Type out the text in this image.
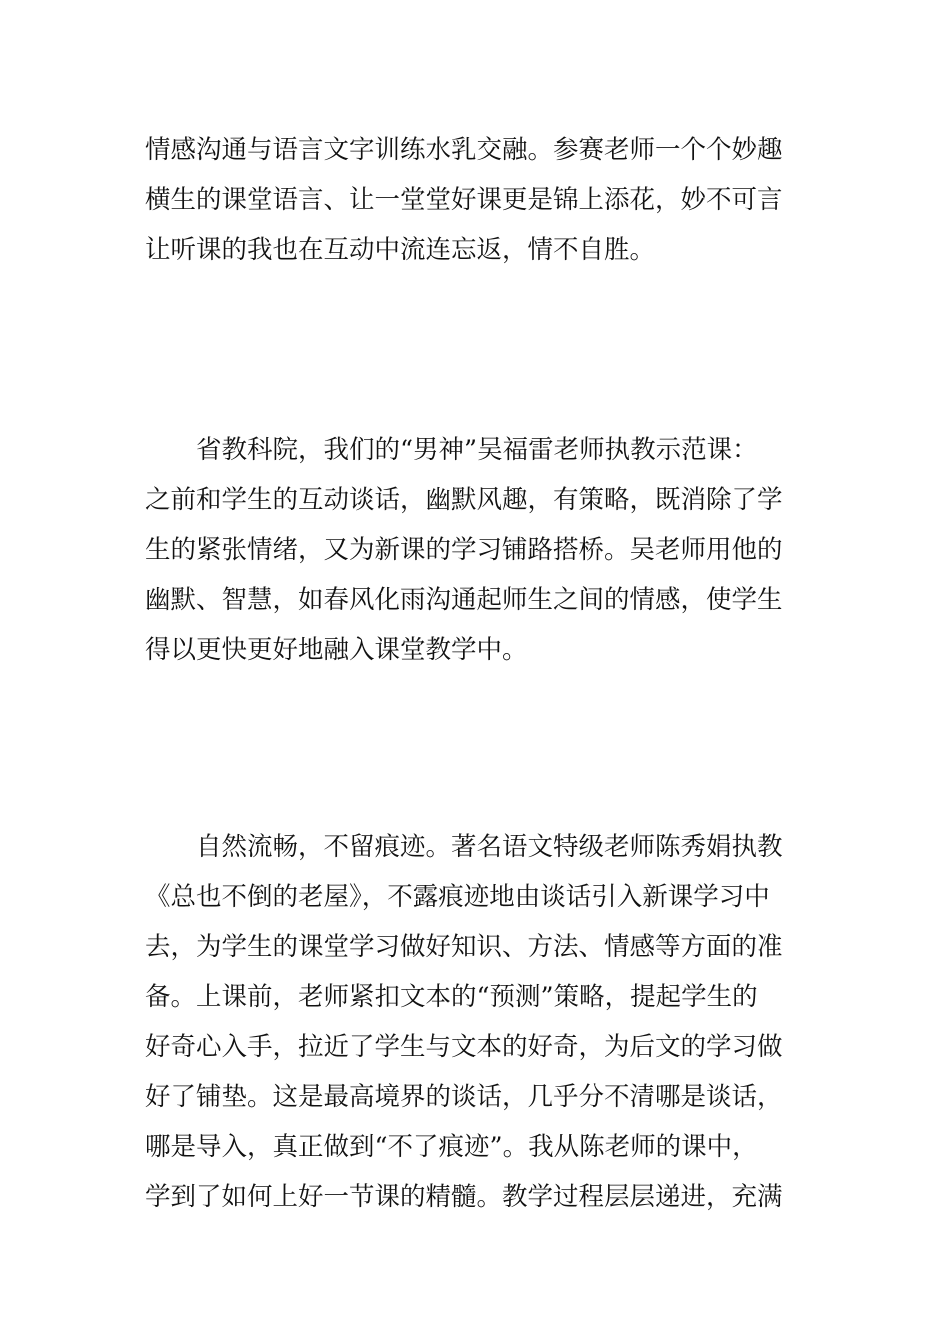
情感沟通与语言文字训练水乳交融。参赛老师一个个妙趣
横生的课堂语言、让一堂堂好课更是锦上添花，妙不可言
让听课的我也在互动中流连忘返，情不自胜。
省教科院，我们的“男神”吴福雷老师执教示范课：
之前和学生的互动谈话，幽默风趣，有策略，既消除了学
生的紧张情绪，又为新课的学习铺路搭桥。吴老师用他的
幽默、智慧，如春风化雨沟通起师生之间的情感，使学生
得以更快更好地融入课堂教学中。
自然流畅，不留痕迹。著名语文特级老师陈秀娟执教
《总也不倒的老屋》，不露痕迹地由谈话引入新课学习中
去，为学生的课堂学习做好知识、方法、情感等方面的准
备。上课前，老师紧扣文本的“预测”策略，提起学生的
好奇心入手，拉近了学生与文本的好奇，为后文的学习做
好了铺垫。这是最高境界的谈话，几乎分不清哪是谈话，
哪是导入，真正做到“不了痕迹”。我从陈老师的课中，
学到了如何上好一节课的精髓。教学过程层层递进，充满
